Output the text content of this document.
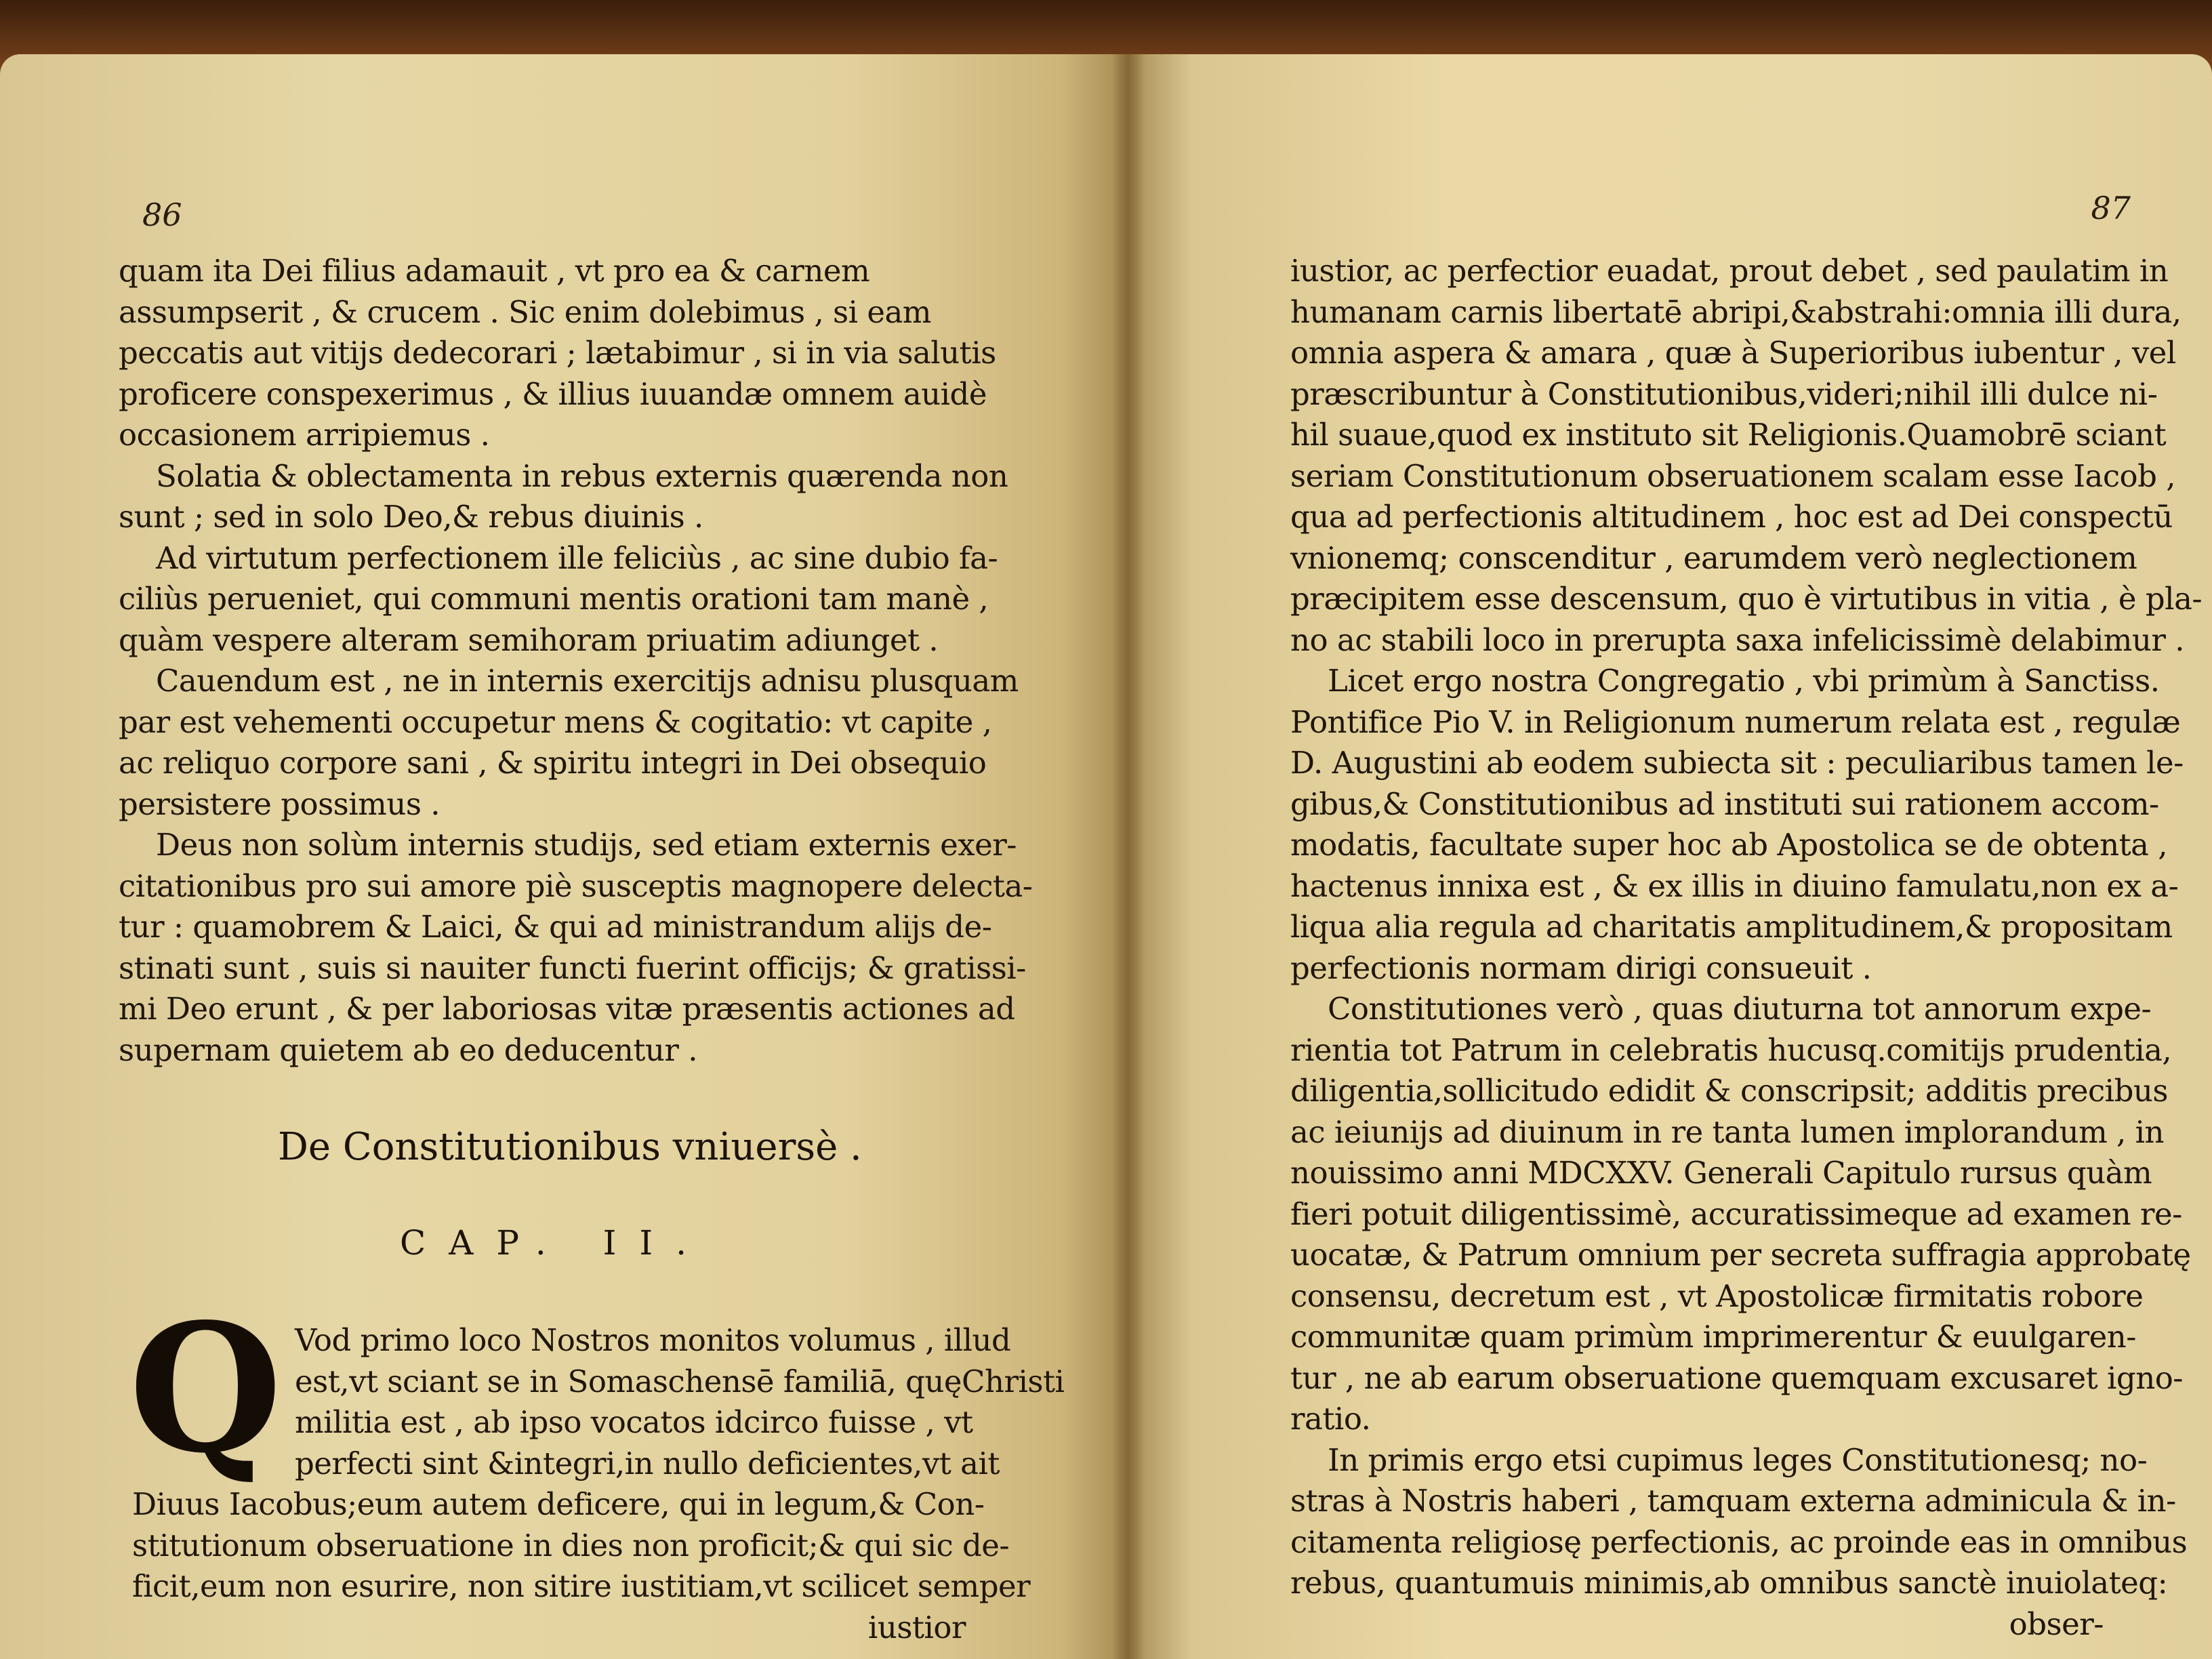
86
quam ita Dei filius adamauit , vt pro ea & carnem
assumpserit , & crucem . Sic enim dolebimus , si eam
peccatis aut vitijs dedecorari ; lætabimur , si in via salutis
proficere conspexerimus , & illius iuuandæ omnem auidè
occasionem arripiemus .
Solatia & oblectamenta in rebus externis quærenda non
sunt ; sed in solo Deo,& rebus diuinis .
Ad virtutum perfectionem ille feliciùs , ac sine dubio fa-
ciliùs perueniet, qui communi mentis orationi tam manè ,
quàm vespere alteram semihoram priuatim adiunget .
Cauendum est , ne in internis exercitijs adnisu plusquam
par est vehementi occupetur mens & cogitatio: vt capite ,
ac reliquo corpore sani , & spiritu integri in Dei obsequio
persistere possimus .
Deus non solùm internis studijs, sed etiam externis exer-
citationibus pro sui amore piè susceptis magnopere delecta-
tur : quamobrem & Laici, & qui ad ministrandum alijs de-
stinati sunt , suis si nauiter functi fuerint officijs; & gratissi-
mi Deo erunt , & per laboriosas vitæ præsentis actiones ad
supernam quietem ab eo deducentur .
De Constitutionibus vniuersè .
CAP. II.
Q Vod primo loco Nostros monitos volumus , illud
est,vt sciant se in Somaschensē familiā, quęChristi
militia est , ab ipso vocatos idcirco fuisse , vt
perfecti sint &integri,in nullo deficientes,vt ait
Diuus Iacobus;eum autem deficere, qui in legum,& Con-
stitutionum obseruatione in dies non proficit;& qui sic de-
ficit,eum non esurire, non sitire iustitiam,vt scilicet semper
iustior
87
iustior, ac perfectior euadat, prout debet , sed paulatim in
humanam carnis libertatē abripi,&abstrahi:omnia illi dura,
omnia aspera & amara , quæ à Superioribus iubentur , vel
præscribuntur à Constitutionibus,videri;nihil illi dulce ni-
hil suaue,quod ex instituto sit Religionis.Quamobrē sciant
seriam Constitutionum obseruationem scalam esse Iacob ,
qua ad perfectionis altitudinem , hoc est ad Dei conspectū
vnionemq; conscenditur , earumdem verò neglectionem
præcipitem esse descensum, quo è virtutibus in vitia , è pla-
no ac stabili loco in prerupta saxa infelicissimè delabimur .
Licet ergo nostra Congregatio , vbi primùm à Sanctiss.
Pontifice Pio V. in Religionum numerum relata est , regulæ
D. Augustini ab eodem subiecta sit : peculiaribus tamen le-
gibus,& Constitutionibus ad instituti sui rationem accom-
modatis, facultate super hoc ab Apostolica se de obtenta ,
hactenus innixa est , & ex illis in diuino famulatu,non ex a-
liqua alia regula ad charitatis amplitudinem,& propositam
perfectionis normam dirigi consueuit .
Constitutiones verò , quas diuturna tot annorum expe-
rientia tot Patrum in celebratis hucusq.comitijs prudentia,
diligentia,sollicitudo edidit & conscripsit; additis precibus
ac ieiunijs ad diuinum in re tanta lumen implorandum , in
nouissimo anni MDCXXV. Generali Capitulo rursus quàm
fieri potuit diligentissimè, accuratissimeque ad examen re-
uocatæ, & Patrum omnium per secreta suffragia approbatę
consensu, decretum est , vt Apostolicæ firmitatis robore
communitæ quam primùm imprimerentur & euulgaren-
tur , ne ab earum obseruatione quemquam excusaret igno-
ratio.
In primis ergo etsi cupimus leges Constitutionesq; no-
stras à Nostris haberi , tamquam externa adminicula & in-
citamenta religiosę perfectionis, ac proinde eas in omnibus
rebus, quantumuis minimis,ab omnibus sanctè inuiolateq:
obser-
